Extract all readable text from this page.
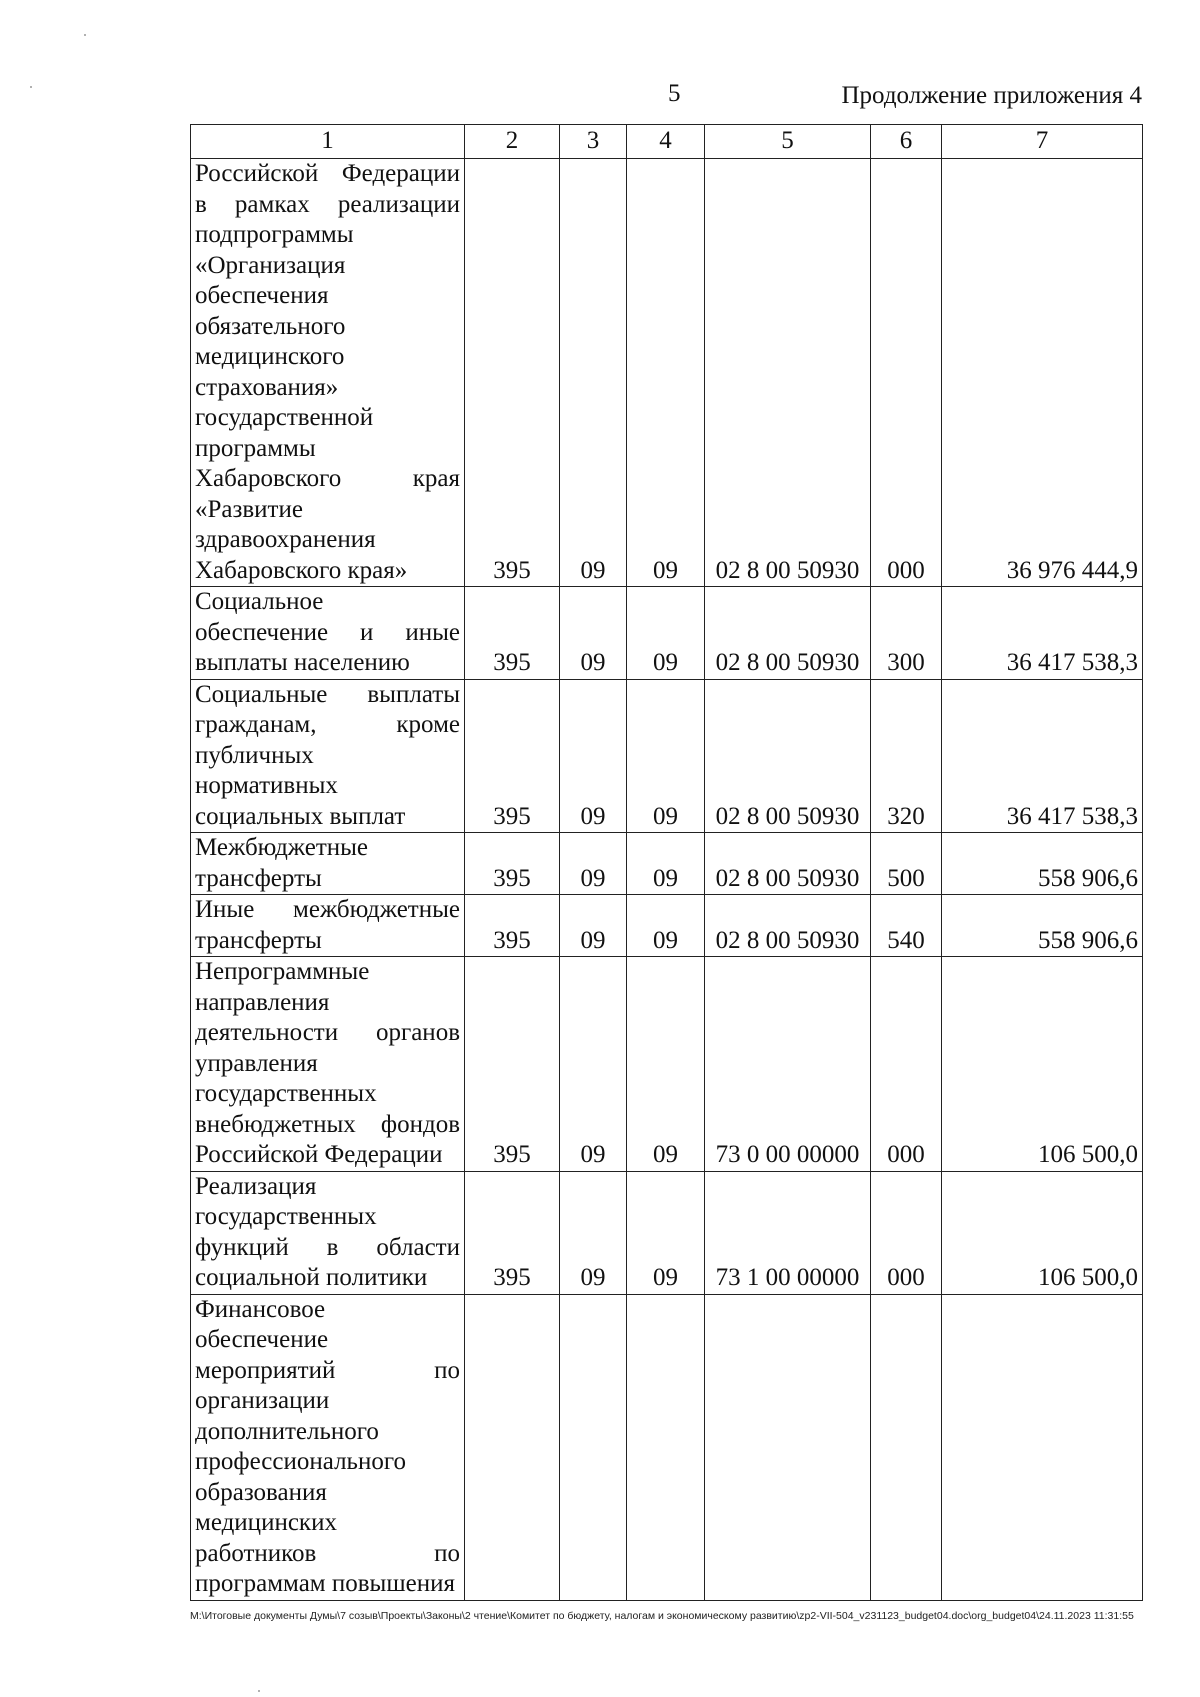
5	Продолжение приложения 4
1	2	3	4	5	6	7
Российской Федерации в рамках реализации подпрограммы «Организация обеспечения обязательного медицинского страхования» государственной программы Хабаровского края «Развитие здравоохранения Хабаровского края»	395	09	09	02 8 00 50930	000	36 976 444,9
Социальное обеспечение и иные выплаты населению	395	09	09	02 8 00 50930	300	36 417 538,3
Социальные выплаты гражданам, кроме публичных нормативных социальных выплат	395	09	09	02 8 00 50930	320	36 417 538,3
Межбюджетные трансферты	395	09	09	02 8 00 50930	500	558 906,6
Иные межбюджетные трансферты	395	09	09	02 8 00 50930	540	558 906,6
Непрограммные направления деятельности органов управления государственных внебюджетных фондов Российской Федерации	395	09	09	73 0 00 00000	000	106 500,0
Реализация государственных функций в области социальной политики	395	09	09	73 1 00 00000	000	106 500,0
Финансовое обеспечение мероприятий по организации дополнительного профессионального образования медицинских работников по программам повышения						
M:\Итоговые документы Думы\7 созыв\Проекты\Законы\2 чтение\Комитет по бюджету, налогам и экономическому развитию\zp2-VII-504_v231123_budget04.doc\org_budget04\24.11.2023 11:31:55
